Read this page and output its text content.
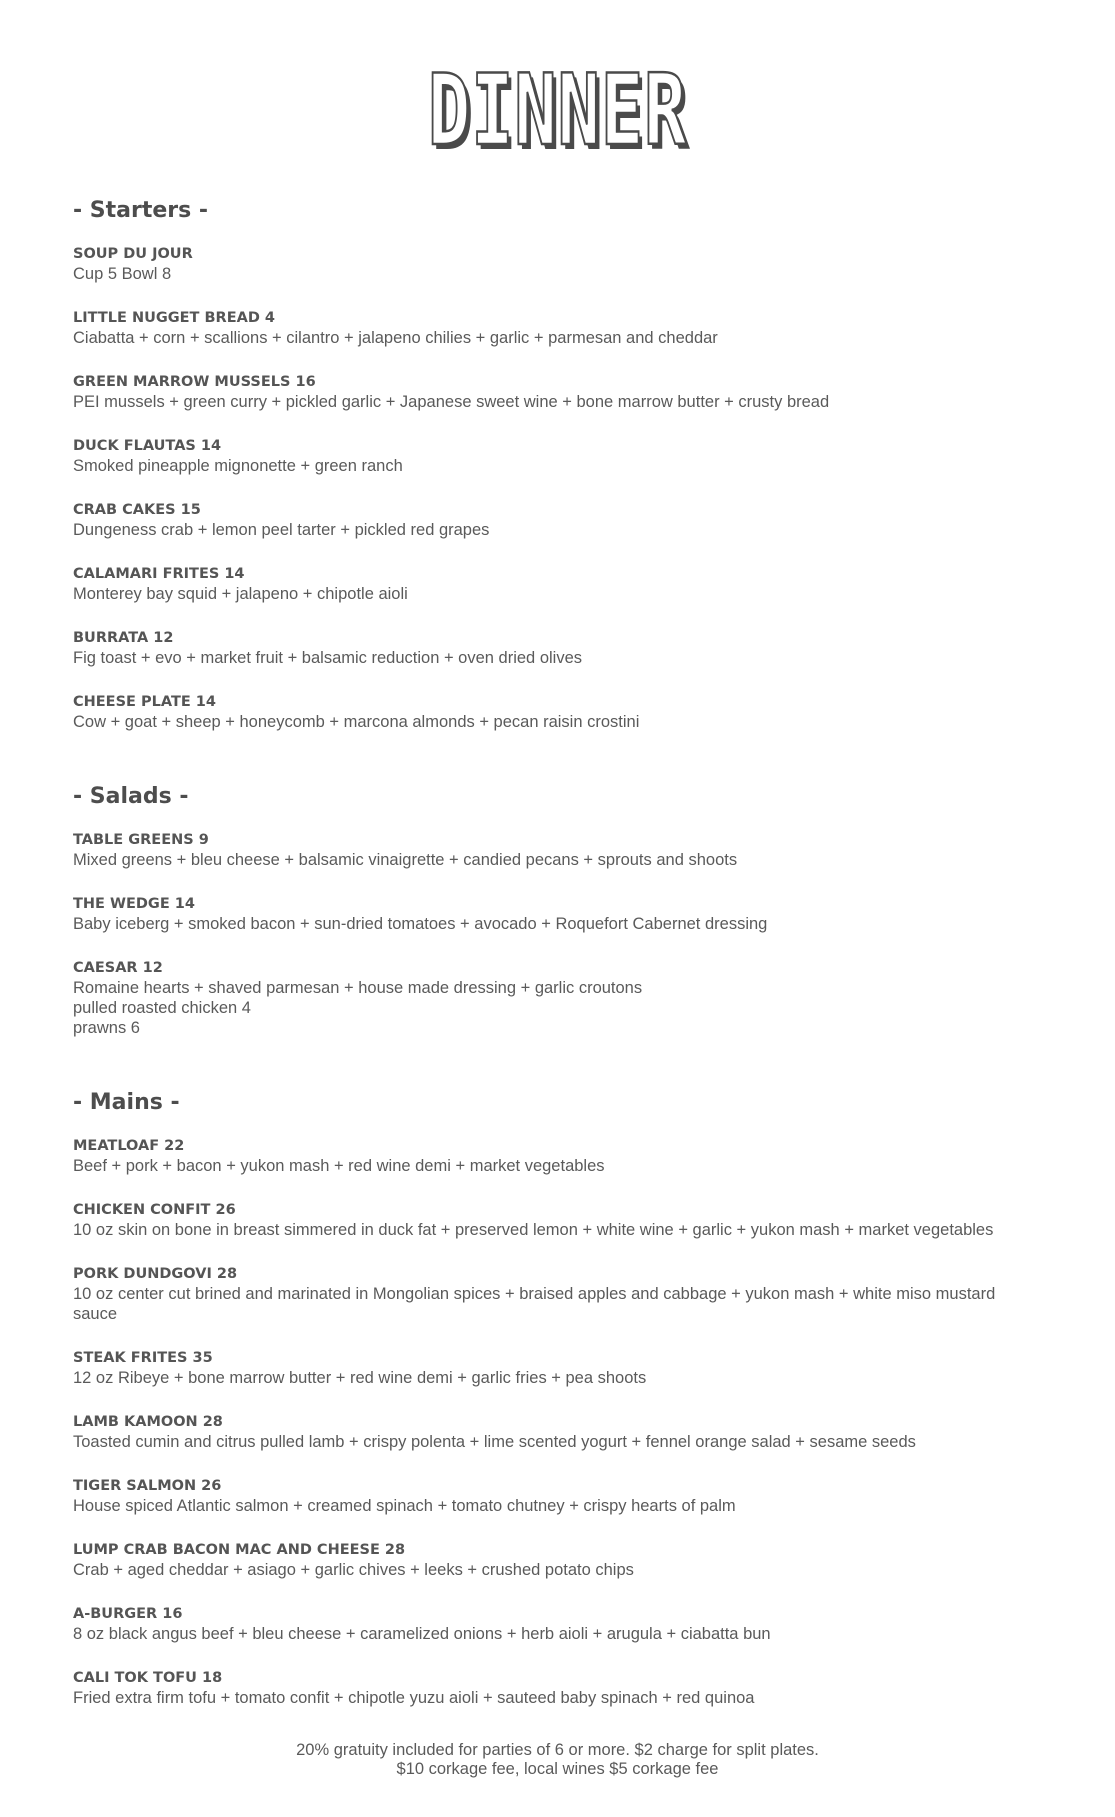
DINNER
- Starters -
SOUP DU JOUR
Cup 5 Bowl 8
LITTLE NUGGET BREAD 4
Ciabatta + corn + scallions + cilantro + jalapeno chilies + garlic + parmesan and cheddar
GREEN MARROW MUSSELS 16
PEI mussels + green curry + pickled garlic + Japanese sweet wine + bone marrow butter + crusty bread
DUCK FLAUTAS 14
Smoked pineapple mignonette + green ranch
CRAB CAKES 15
Dungeness crab + lemon peel tarter + pickled red grapes
CALAMARI FRITES 14
Monterey bay squid + jalapeno + chipotle aioli
BURRATA 12
Fig toast + evo + market fruit + balsamic reduction + oven dried olives
CHEESE PLATE 14
Cow + goat + sheep + honeycomb + marcona almonds + pecan raisin crostini
- Salads -
TABLE GREENS 9
Mixed greens + bleu cheese + balsamic vinaigrette + candied pecans + sprouts and shoots
THE WEDGE 14
Baby iceberg + smoked bacon + sun-dried tomatoes + avocado + Roquefort Cabernet dressing
CAESAR 12
Romaine hearts + shaved parmesan + house made dressing + garlic croutons
pulled roasted chicken 4
prawns 6
- Mains -
MEATLOAF 22
Beef + pork + bacon + yukon mash + red wine demi + market vegetables
CHICKEN CONFIT 26
10 oz skin on bone in breast simmered in duck fat + preserved lemon + white wine + garlic + yukon mash + market vegetables
PORK DUNDGOVI 28
10 oz center cut brined and marinated in Mongolian spices + braised apples and cabbage + yukon mash + white miso mustard
sauce
STEAK FRITES 35
12 oz Ribeye + bone marrow butter + red wine demi + garlic fries + pea shoots
LAMB KAMOON 28
Toasted cumin and citrus pulled lamb + crispy polenta + lime scented yogurt + fennel orange salad + sesame seeds
TIGER SALMON 26
House spiced Atlantic salmon + creamed spinach + tomato chutney + crispy hearts of palm
LUMP CRAB BACON MAC AND CHEESE 28
Crab + aged cheddar + asiago + garlic chives + leeks + crushed potato chips
A-BURGER 16
8 oz black angus beef + bleu cheese + caramelized onions + herb aioli + arugula + ciabatta bun
CALI TOK TOFU 18
Fried extra firm tofu + tomato confit + chipotle yuzu aioli + sauteed baby spinach + red quinoa
20% gratuity included for parties of 6 or more. $2 charge for split plates.
$10 corkage fee, local wines $5 corkage fee
